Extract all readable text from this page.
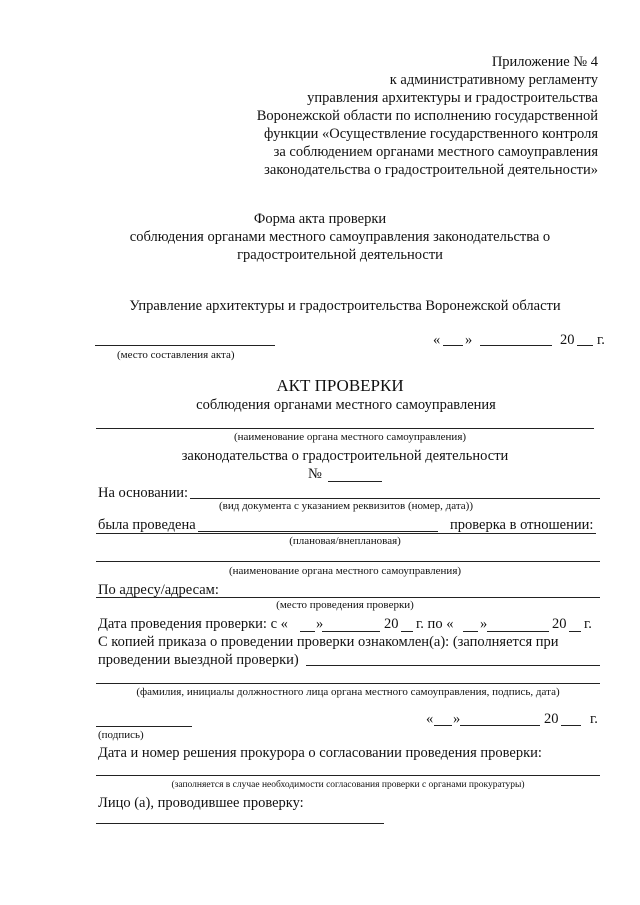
Приложение № 4
к административному регламенту
управления архитектуры и градостроительства
Воронежской области по исполнению государственной
функции «Осуществление государственного контроля
за соблюдением органами местного самоуправления
законодательства о градостроительной деятельности»
Форма акта проверки
соблюдения органами местного самоуправления законодательства о
градостроительной деятельности
Управление архитектуры и градостроительства Воронежской области
(место составления акта)
« »	20 г.
АКТ ПРОВЕРКИ
соблюдения органами местного самоуправления
(наименование органа местного самоуправления)
законодательства о градостроительной деятельности
№
На основании:
(вид документа с указанием реквизитов (номер, дата))
была проведена	проверка в отношении:
(плановая/внеплановая)
(наименование органа местного самоуправления)
По адресу/адресам:
(место проведения проверки)
Дата проведения проверки: с « »	20 г. по « »	20 г.
С копией приказа о проведении проверки ознакомлен(а): (заполняется при
проведении выездной проверки)
(фамилия, инициалы должностного лица органа местного самоуправления, подпись, дата)
(подпись)
« »	20 г.
Дата и номер решения прокурора о согласовании проведения проверки:
(заполняется в случае необходимости согласования проверки с органами прокуратуры)
Лицо (а), проводившее проверку:
